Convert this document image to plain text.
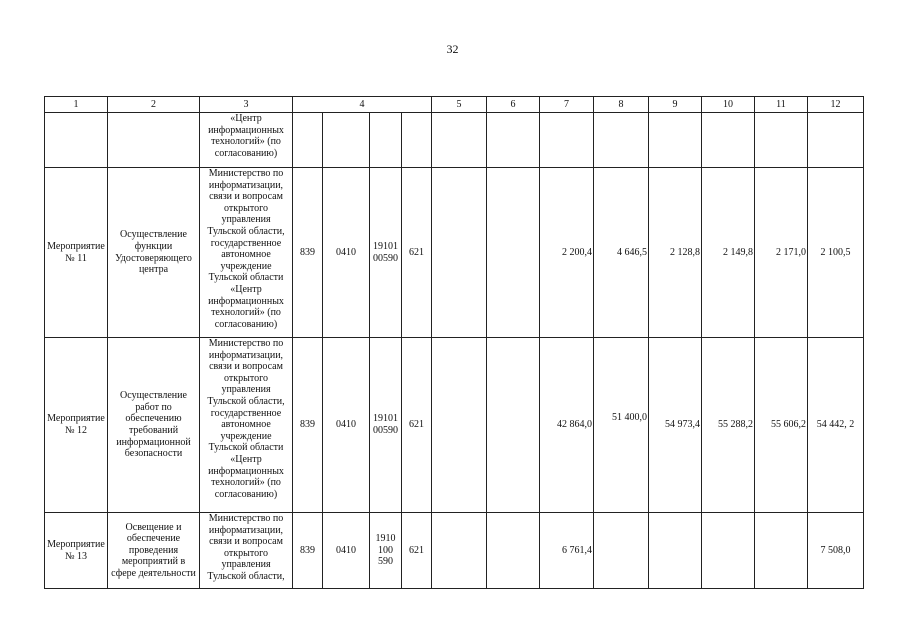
32
1	2	3	4				5	6	7	8	9	10	11	12
		«Центр информационных технологий» (по согласованию)												
Мероприятие № 11	Осуществление функции Удостоверяющего центра	Министерство по информатизации, связи и вопросам открытого управления Тульской области, государственное автономное учреждение Тульской области «Центр информационных технологий» (по согласованию)	839	0410	19101 00590	621			2 200,4	4 646,5	2 128,8	2 149,8	2 171,0	2 100,5
Мероприятие № 12	Осуществление работ по обеспечению требований информационной безопасности	Министерство по информатизации, связи и вопросам открытого управления Тульской области, государственное автономное учреждение Тульской области «Центр информационных технологий» (по согласованию)	839	0410	19101 00590	621			42 864,0	51 400,0	54 973,4	55 288,2	55 606,2	54 442, 2
Мероприятие № 13	Освещение и обеспечение проведения мероприятий в сфере деятельности	Министерство по информатизации, связи и вопросам открытого управления Тульской области,	839	0410	1910 100 590	621			6 761,4					7 508,0
